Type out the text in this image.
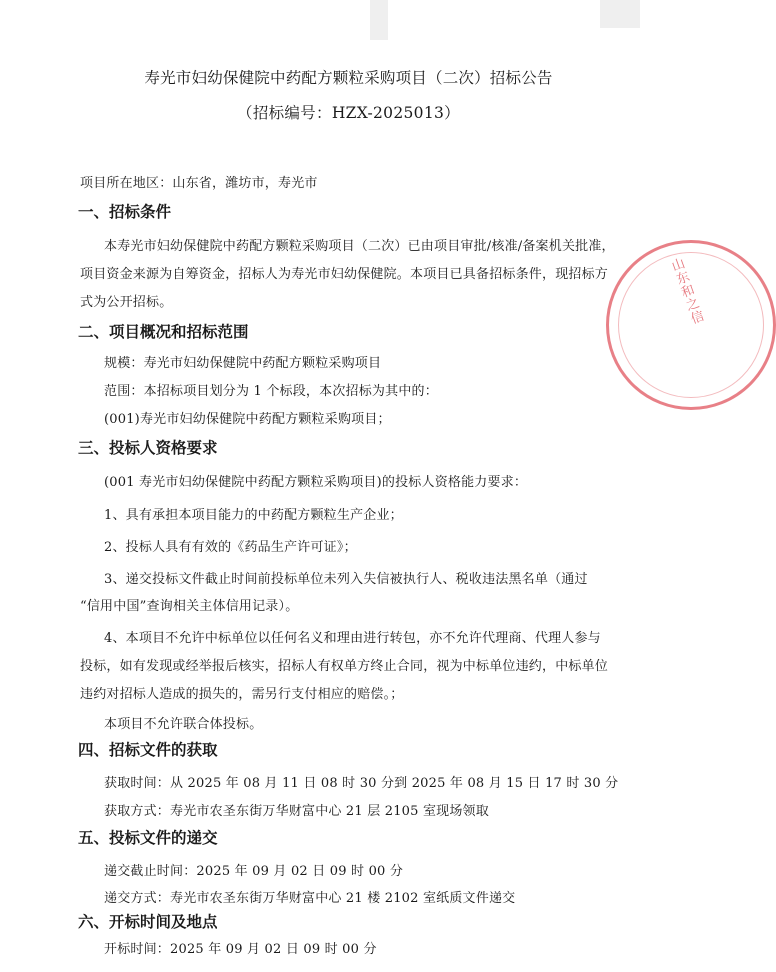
寿光市妇幼保健院中药配方颗粒采购项目（二次）招标公告
（招标编号：HZX-2025013）
项目所在地区：山东省，潍坊市，寿光市
一、招标条件
本寿光市妇幼保健院中药配方颗粒采购项目（二次）已由项目审批/核准/备案机关批准，
项目资金来源为自筹资金，招标人为寿光市妇幼保健院。本项目已具备招标条件，现招标方
式为公开招标。
二、项目概况和招标范围
规模：寿光市妇幼保健院中药配方颗粒采购项目
范围：本招标项目划分为 1 个标段，本次招标为其中的：
(001)寿光市妇幼保健院中药配方颗粒采购项目；
三、投标人资格要求
(001 寿光市妇幼保健院中药配方颗粒采购项目)的投标人资格能力要求：
1、具有承担本项目能力的中药配方颗粒生产企业；
2、投标人具有有效的《药品生产许可证》；
3、递交投标文件截止时间前投标单位未列入失信被执行人、税收违法黑名单（通过
“信用中国”查询相关主体信用记录）。
4、本项目不允许中标单位以任何名义和理由进行转包，亦不允许代理商、代理人参与
投标，如有发现或经举报后核实，招标人有权单方终止合同，视为中标单位违约，中标单位
违约对招标人造成的损失的，需另行支付相应的赔偿。；
本项目不允许联合体投标。
四、招标文件的获取
获取时间：从 2025 年 08 月 11 日 08 时 30 分到 2025 年 08 月 15 日 17 时 30 分
获取方式：寿光市农圣东街万华财富中心 21 层 2105 室现场领取
五、投标文件的递交
递交截止时间：2025 年 09 月 02 日 09 时 00 分
递交方式：寿光市农圣东街万华财富中心 21 楼 2102 室纸质文件递交
六、开标时间及地点
开标时间：2025 年 09 月 02 日 09 时 00 分
山东和之信
